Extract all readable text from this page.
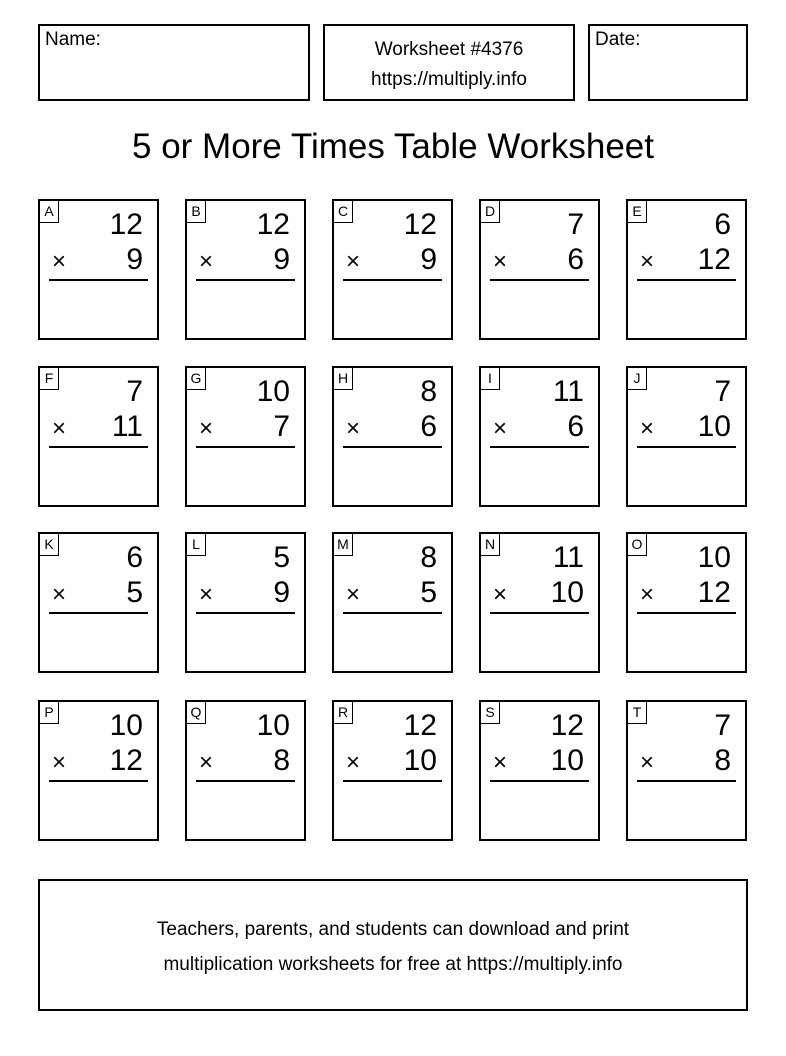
Name:	Worksheet #4376
https://multiply.info
Date:
5 or More Times Table Worksheet
A 12
× 9
B 12
× 9
C 12
× 9
D 7
× 6
E 6
× 12
F 7
× 11
G 10
× 7
H 8
× 6
I 11
× 6
J 7
× 10
K 6
× 5
L 5
× 9
M 8
× 5
N 11
× 10
O 10
× 12
P 10
× 12
Q 10
× 8
R 12
× 10
S 12
× 10
T 7
× 8
Teachers, parents, and students can download and print
multiplication worksheets for free at https://multiply.info
